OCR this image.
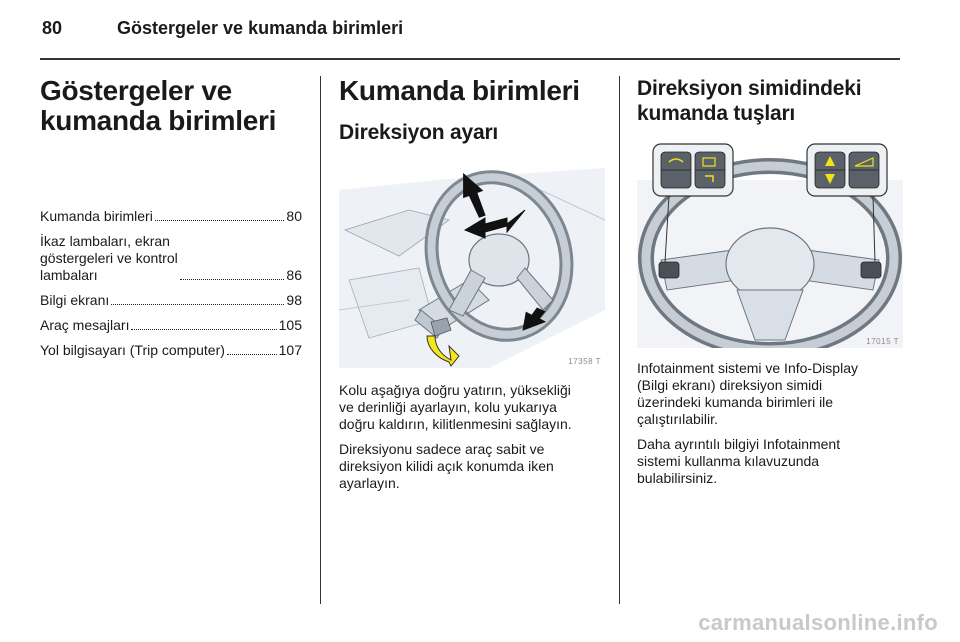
80	Göstergeler ve kumanda birimleri
Göstergeler ve
kumanda birimleri
Kumanda birimleri	80
İkaz lambaları, ekran
göstergeleri ve kontrol
lambaları	86
Bilgi ekranı	98
Araç mesajları	105
Yol bilgisayarı (Trip computer)	107
Kumanda birimleri
Direksiyon ayarı
17358 T

Kolu aşağıya doğru yatırın, yüksekliği
ve derinliği ayarlayın, kolu yukarıya
doğru kaldırın, kilitlenmesini sağlayın.

Direksiyonu sadece araç sabit ve
direksiyon kilidi açık konumda iken
ayarlayın.

Direksiyon simidindeki
kumanda tuşları
17015 T

Infotainment sistemi ve Info-Display
(Bilgi ekranı) direksiyon simidi
üzerindeki kumanda birimleri ile
çalıştırılabilir.

Daha ayrıntılı bilgiyi Infotainment
sistemi kullanma kılavuzunda
bulabilirsiniz.

carmanualsonline.info
